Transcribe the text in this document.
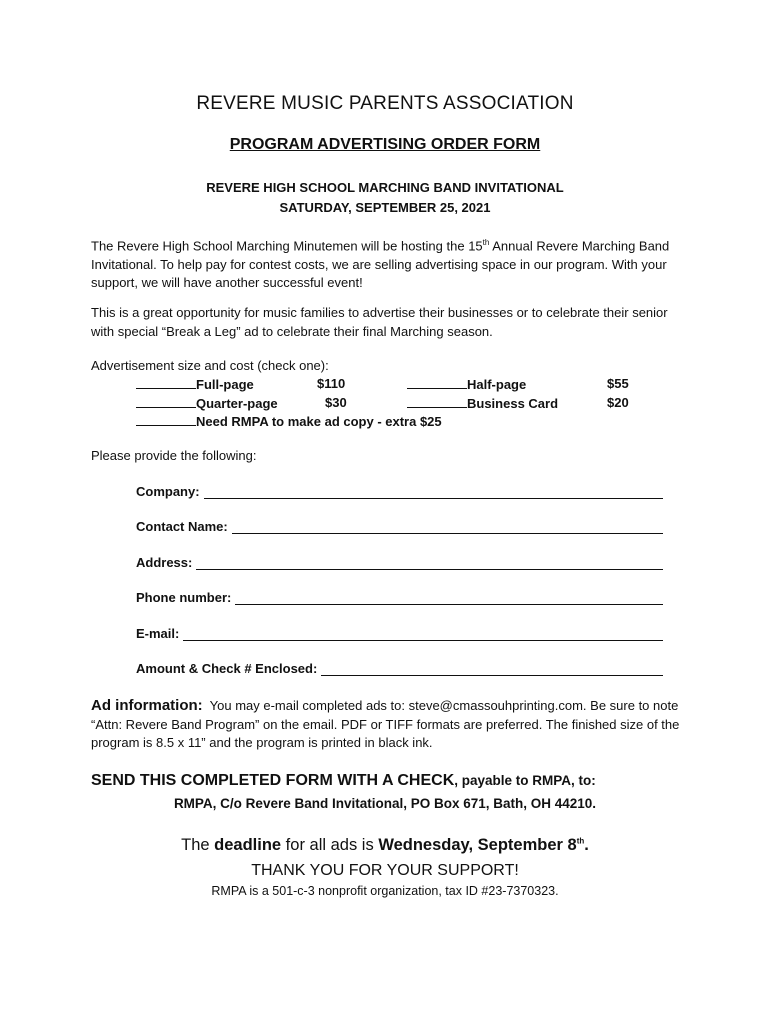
REVERE MUSIC PARENTS ASSOCIATION
PROGRAM ADVERTISING ORDER FORM
REVERE HIGH SCHOOL MARCHING BAND INVITATIONAL
SATURDAY, SEPTEMBER 25, 2021
The Revere High School Marching Minutemen will be hosting the 15th Annual Revere Marching Band Invitational. To help pay for contest costs, we are selling advertising space in our program. With your support, we will have another successful event!
This is a great opportunity for music families to advertise their businesses or to celebrate their senior with special “Break a Leg” ad to celebrate their final Marching season.
Advertisement size and cost (check one):
Full-page	$110	Half-page	$55
Quarter-page	$30	Business Card	$20
Need RMPA to make ad copy - extra $25
Please provide the following:
Company:
Contact Name:
Address:
Phone number:
E-mail:
Amount & Check # Enclosed:
Ad information: You may e-mail completed ads to: steve@cmassouhprinting.com. Be sure to note “Attn: Revere Band Program” on the email. PDF or TIFF formats are preferred. The finished size of the program is 8.5 x 11” and the program is printed in black ink.
SEND THIS COMPLETED FORM WITH A CHECK, payable to RMPA, to:
RMPA, C/o Revere Band Invitational, PO Box 671, Bath, OH 44210.
The deadline for all ads is Wednesday, September 8th.
THANK YOU FOR YOUR SUPPORT!
RMPA is a 501-c-3 nonprofit organization, tax ID #23-7370323.
